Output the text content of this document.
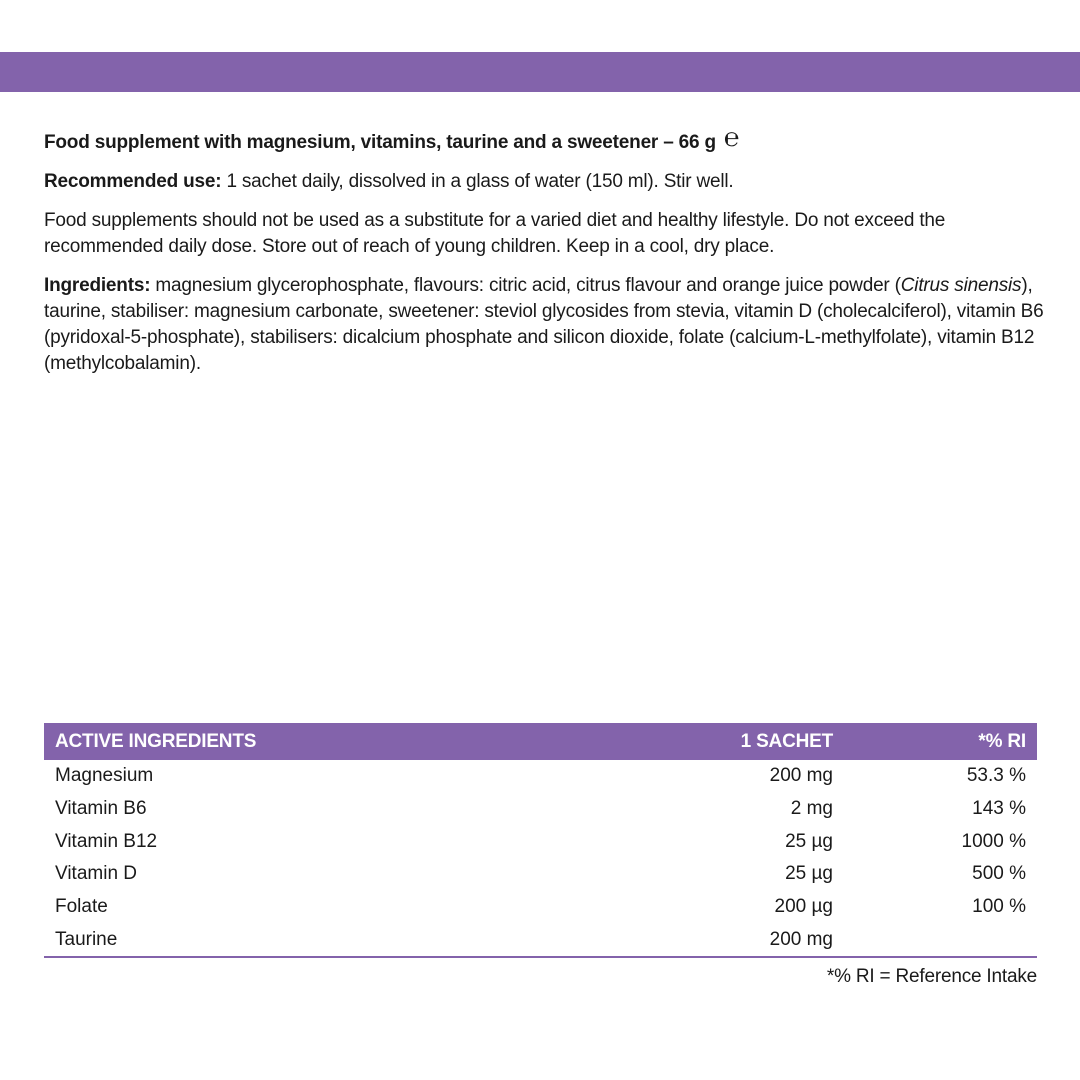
Food supplement with magnesium, vitamins, taurine and a sweetener – 66 g ℮

Recommended use: 1 sachet daily, dissolved in a glass of water (150 ml). Stir well.

Food supplements should not be used as a substitute for a varied diet and healthy lifestyle. Do not exceed the recommended daily dose. Store out of reach of young children. Keep in a cool, dry place.

Ingredients: magnesium glycerophosphate, flavours: citric acid, citrus flavour and orange juice powder (Citrus sinensis), taurine, stabiliser: magnesium carbonate, sweetener: steviol glycosides from stevia, vitamin D (cholecalciferol), vitamin B6 (pyridoxal-5-phosphate), stabilisers: dicalcium phosphate and silicon dioxide, folate (calcium-L-methylfolate), vitamin B12 (methylcobalamin).

ACTIVE INGREDIENTS	1 SACHET	*% RI
Magnesium	200 mg	53.3 %
Vitamin B6	2 mg	143 %
Vitamin B12	25 µg	1000 %
Vitamin D	25 µg	500 %
Folate	200 µg	100 %
Taurine	200 mg	
*% RI = Reference Intake
